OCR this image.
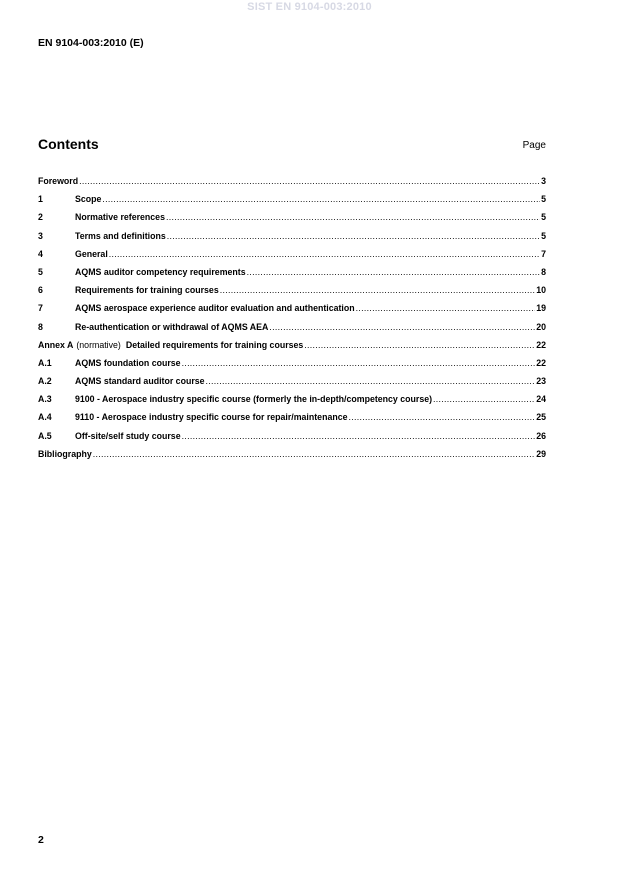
SIST EN 9104-003:2010
EN 9104-003:2010 (E)
Contents	Page
Foreword .....	3
1	Scope .....	5
2	Normative references .....	5
3	Terms and definitions .....	5
4	General .....	7
5	AQMS auditor competency requirements .....	8
6	Requirements for training courses .....	10
7	AQMS aerospace experience auditor evaluation and authentication .....	19
8	Re-authentication or withdrawal of AQMS AEA .....	20
Annex A (normative) Detailed requirements for training courses .....	22
A.1	AQMS foundation course .....	22
A.2	AQMS standard auditor course .....	23
A.3	9100 - Aerospace industry specific course (formerly the in-depth/competency course) .....	24
A.4	9110 - Aerospace industry specific course for repair/maintenance .....	25
A.5	Off-site/self study course .....	26
Bibliography .....	29
2
